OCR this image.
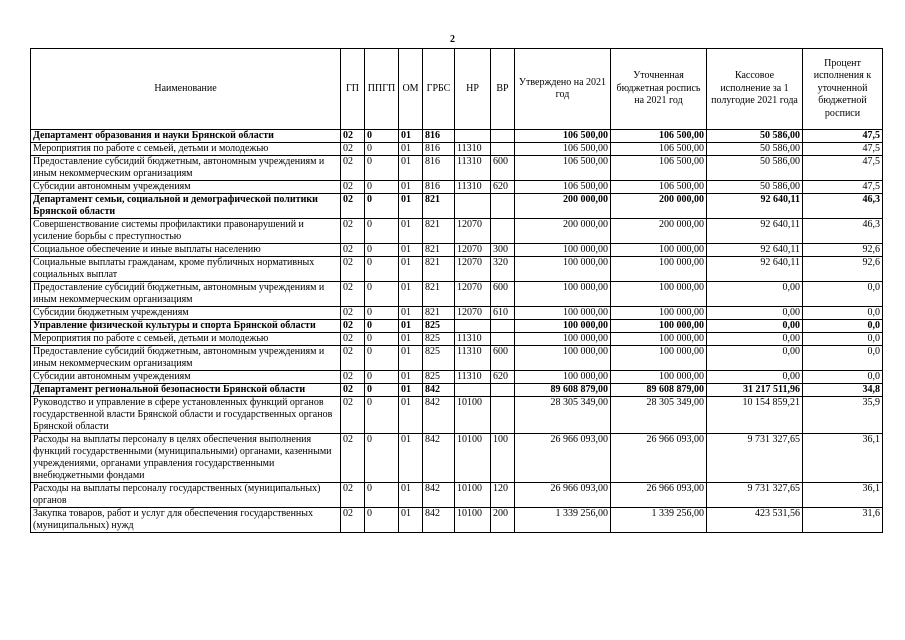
2
Наименование	ГП	ППГП	ОМ	ГРБС	НР	ВР	Утверждено на 2021 год	Уточненная бюджетная роспись на 2021 год	Кассовое исполнение за 1 полугодие 2021 года	Процент исполнения к уточненной бюджетной росписи
Департамент образования и науки Брянской области	02	0	01	816			106 500,00	106 500,00	50 586,00	47,5
Мероприятия по работе с семьей, детьми и молодежью	02	0	01	816	11310		106 500,00	106 500,00	50 586,00	47,5
Предоставление субсидий бюджетным, автономным учреждениям и иным некоммерческим организациям	02	0	01	816	11310	600	106 500,00	106 500,00	50 586,00	47,5
Субсидии автономным учреждениям	02	0	01	816	11310	620	106 500,00	106 500,00	50 586,00	47,5
Департамент семьи, социальной и демографической политики Брянской области	02	0	01	821			200 000,00	200 000,00	92 640,11	46,3
Совершенствование системы профилактики правонарушений и усиление борьбы с преступностью	02	0	01	821	12070		200 000,00	200 000,00	92 640,11	46,3
Социальное обеспечение и иные выплаты населению	02	0	01	821	12070	300	100 000,00	100 000,00	92 640,11	92,6
Социальные выплаты гражданам, кроме публичных нормативных социальных выплат	02	0	01	821	12070	320	100 000,00	100 000,00	92 640,11	92,6
Предоставление субсидий бюджетным, автономным учреждениям и иным некоммерческим организациям	02	0	01	821	12070	600	100 000,00	100 000,00	0,00	0,0
Субсидии бюджетным учреждениям	02	0	01	821	12070	610	100 000,00	100 000,00	0,00	0,0
Управление физической культуры и спорта Брянской области	02	0	01	825			100 000,00	100 000,00	0,00	0,0
Мероприятия по работе с семьей, детьми и молодежью	02	0	01	825	11310		100 000,00	100 000,00	0,00	0,0
Предоставление субсидий бюджетным, автономным учреждениям и иным некоммерческим организациям	02	0	01	825	11310	600	100 000,00	100 000,00	0,00	0,0
Субсидии автономным учреждениям	02	0	01	825	11310	620	100 000,00	100 000,00	0,00	0,0
Департамент региональной безопасности Брянской области	02	0	01	842			89 608 879,00	89 608 879,00	31 217 511,96	34,8
Руководство и управление в сфере установленных функций органов государственной власти Брянской области и государственных органов Брянской области	02	0	01	842	10100		28 305 349,00	28 305 349,00	10 154 859,21	35,9
Расходы на выплаты персоналу в целях обеспечения выполнения функций государственными (муниципальными) органами, казенными учреждениями, органами управления государственными внебюджетными фондами	02	0	01	842	10100	100	26 966 093,00	26 966 093,00	9 731 327,65	36,1
Расходы на выплаты персоналу государственных (муниципальных) органов	02	0	01	842	10100	120	26 966 093,00	26 966 093,00	9 731 327,65	36,1
Закупка товаров, работ и услуг для обеспечения государственных (муниципальных) нужд	02	0	01	842	10100	200	1 339 256,00	1 339 256,00	423 531,56	31,6
